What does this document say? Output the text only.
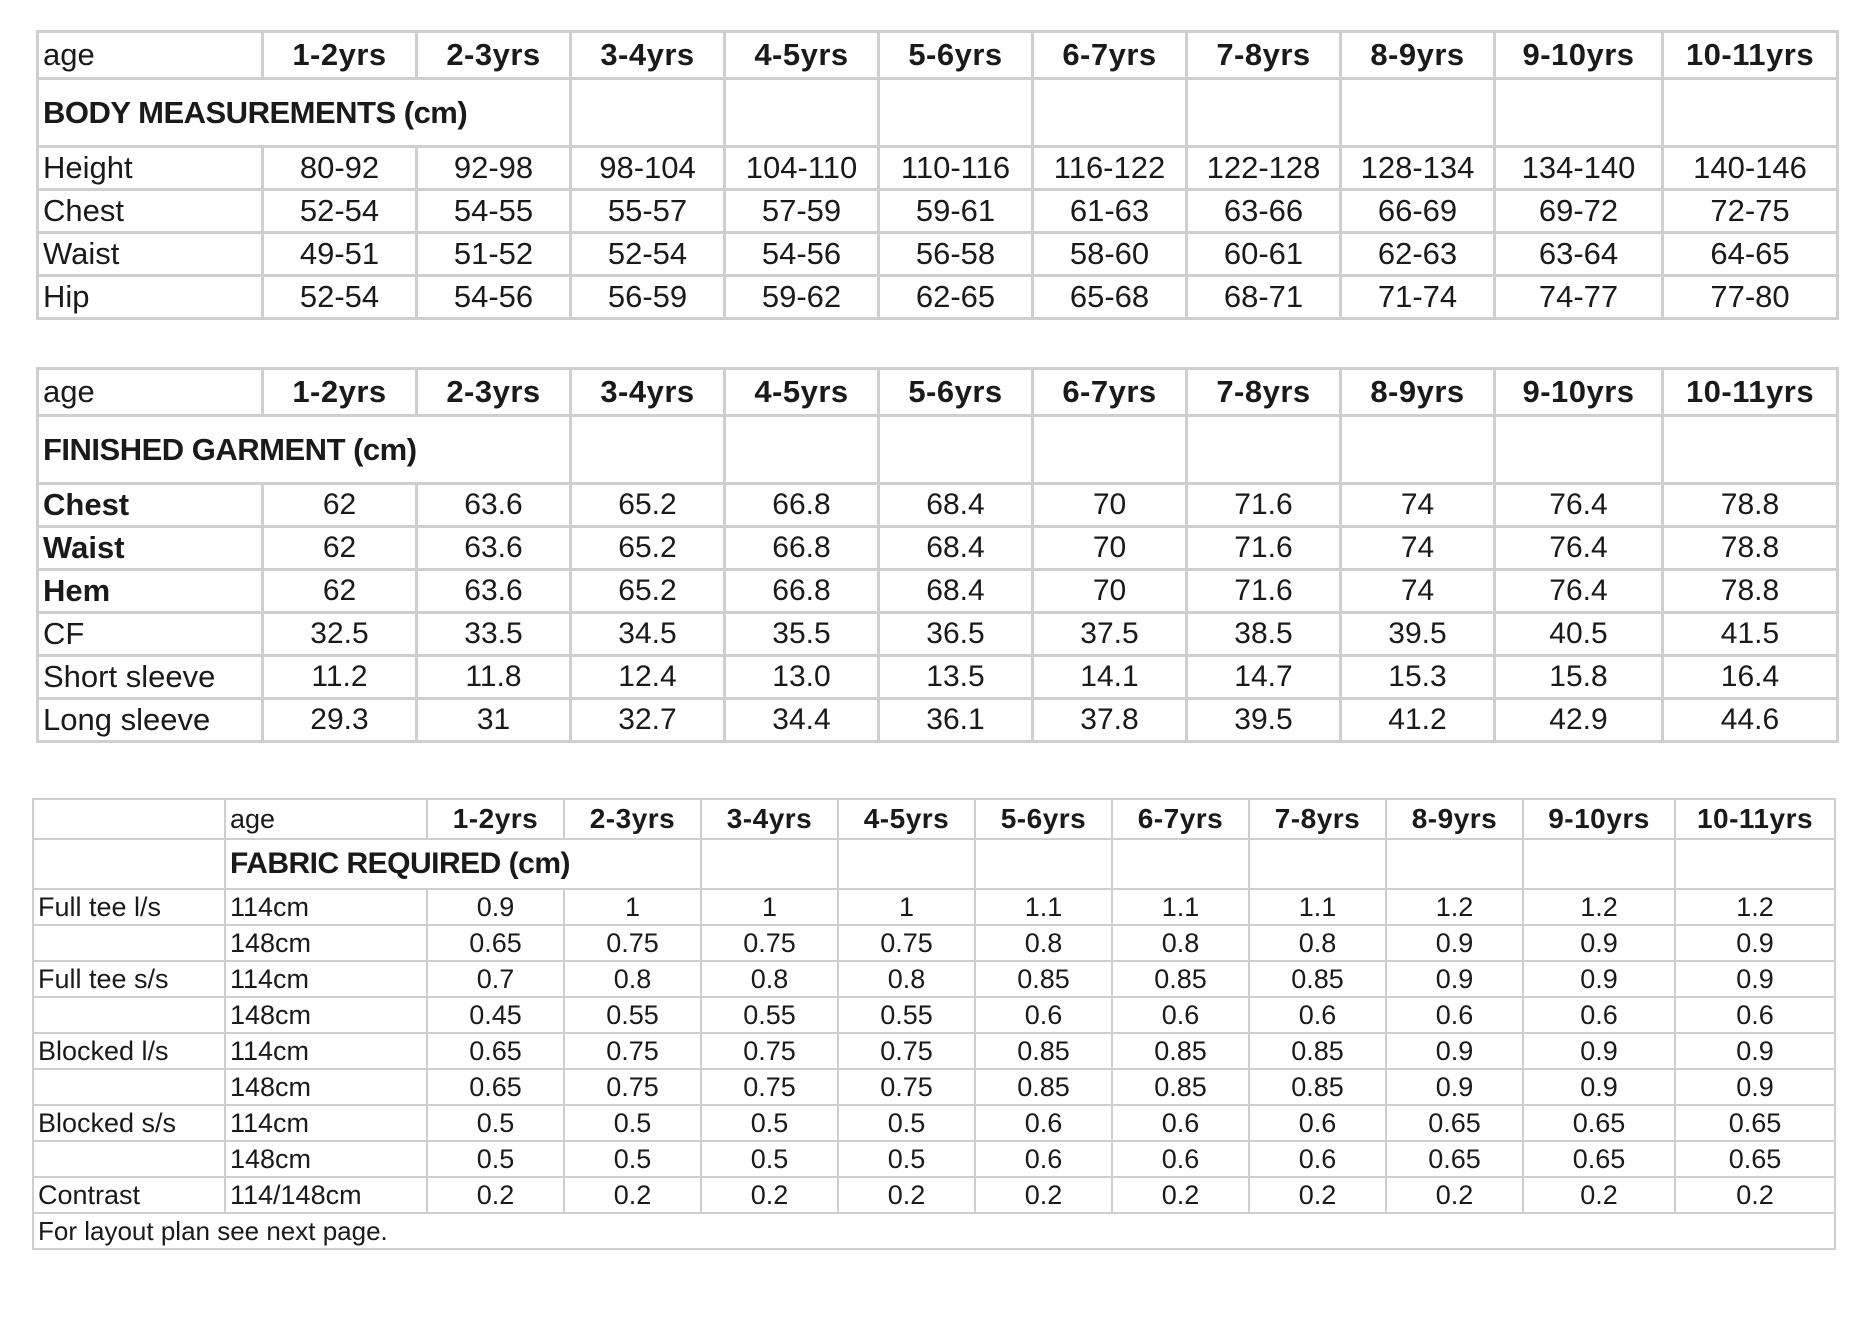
age	1-2yrs	2-3yrs	3-4yrs	4-5yrs	5-6yrs	6-7yrs	7-8yrs	8-9yrs	9-10yrs	10-11yrs
BODY MEASUREMENTS (cm)										
Height	80-92	92-98	98-104	104-110	110-116	116-122	122-128	128-134	134-140	140-146
Chest	52-54	54-55	55-57	57-59	59-61	61-63	63-66	66-69	69-72	72-75
Waist	49-51	51-52	52-54	54-56	56-58	58-60	60-61	62-63	63-64	64-65
Hip	52-54	54-56	56-59	59-62	62-65	65-68	68-71	71-74	74-77	77-80
age	1-2yrs	2-3yrs	3-4yrs	4-5yrs	5-6yrs	6-7yrs	7-8yrs	8-9yrs	9-10yrs	10-11yrs
FINISHED GARMENT (cm)										
Chest	62	63.6	65.2	66.8	68.4	70	71.6	74	76.4	78.8
Waist	62	63.6	65.2	66.8	68.4	70	71.6	74	76.4	78.8
Hem	62	63.6	65.2	66.8	68.4	70	71.6	74	76.4	78.8
CF	32.5	33.5	34.5	35.5	36.5	37.5	38.5	39.5	40.5	41.5
Short sleeve	11.2	11.8	12.4	13.0	13.5	14.1	14.7	15.3	15.8	16.4
Long sleeve	29.3	31	32.7	34.4	36.1	37.8	39.5	41.2	42.9	44.6
	age	1-2yrs	2-3yrs	3-4yrs	4-5yrs	5-6yrs	6-7yrs	7-8yrs	8-9yrs	9-10yrs	10-11yrs
	FABRIC REQUIRED (cm)										
Full tee l/s	114cm	0.9	1	1	1	1.1	1.1	1.1	1.2	1.2	1.2
	148cm	0.65	0.75	0.75	0.75	0.8	0.8	0.8	0.9	0.9	0.9
Full tee s/s	114cm	0.7	0.8	0.8	0.8	0.85	0.85	0.85	0.9	0.9	0.9
	148cm	0.45	0.55	0.55	0.55	0.6	0.6	0.6	0.6	0.6	0.6
Blocked l/s	114cm	0.65	0.75	0.75	0.75	0.85	0.85	0.85	0.9	0.9	0.9
	148cm	0.65	0.75	0.75	0.75	0.85	0.85	0.85	0.9	0.9	0.9
Blocked s/s	114cm	0.5	0.5	0.5	0.5	0.6	0.6	0.6	0.65	0.65	0.65
	148cm	0.5	0.5	0.5	0.5	0.6	0.6	0.6	0.65	0.65	0.65
Contrast	114/148cm	0.2	0.2	0.2	0.2	0.2	0.2	0.2	0.2	0.2	0.2
For layout plan see next page.											
